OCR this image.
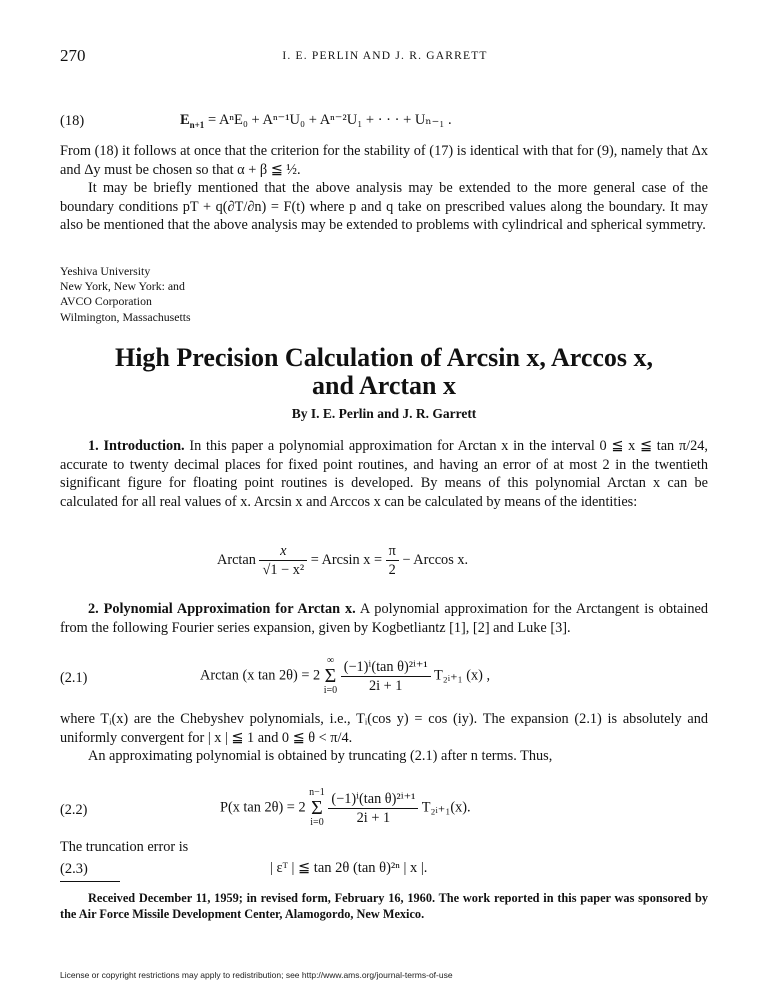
270	I. E. PERLIN AND J. R. GARRETT
(18)	$E_{n+1} = A^nE_0 + A^{n-1}U_0 + A^{n-2}U_1$ + · · · + Uₙ₋₁ .

From (18) it follows at once that the criterion for the stability of (17) is identical with that for (9), namely that Δx and Δy must be chosen so that α + β ≦ ½.

It may be briefly mentioned that the above analysis may be extended to the more general case of the boundary conditions pT + q(∂T/∂n) = F(t) where p and q take on prescribed values along the boundary. It may also be mentioned that the above analysis may be extended to problems with cylindrical and spherical symmetry.

Yeshiva University
New York, New York: and
AVCO Corporation
Wilmington, Massachusetts
High Precision Calculation of Arcsin x, Arccos x,
and Arctan x
By I. E. Perlin and J. R. Garrett

1. Introduction. In this paper a polynomial approximation for Arctan x in the interval 0 ≦ x ≦ tan π/24, accurate to twenty decimal places for fixed point routines, and having an error of at most 2 in the twentieth significant figure for floating point routines is developed. By means of this polynomial Arctan x can be calculated for all real values of x. Arcsin x and Arccos x can be calculated by means of the identities:

Arctan $\frac{x}{\text{√1 − x²}} = Arcsin$ $x = \frac{\pi}{2} - Arccos$ x.

2. Polynomial Approximation for Arctan x. A polynomial approximation for the Arctangent is obtained from the following Fourier series expansion, given by Kogbetliantz [1], [2] and Luke [3].

(2.1)	Arctan (x tan 2θ) = 2 ∞
Σ
$i=0 \frac{\text{(−1)ⁱ(tan θ)²ⁱ⁺¹}}{2i + 1}$ T₂ᵢ₊₁ (x) ,

where Tᵢ(x) are the Chebyshev polynomials, i.e., Tᵢ(cos y) = cos (iy). The expansion (2.1) is absolutely and uniformly convergent for | x | ≦ 1 and 0 ≦ θ < π/4.

An approximating polynomial is obtained by truncating (2.1) after n terms. Thus,

(2.2)	P(x tan 2θ) = 2 n−1
Σ
$i=0 \frac{\text{(−1)ⁱ(tan θ)²ⁱ⁺¹}}{2i + 1}$ T₂ᵢ₊₁(x).

The truncation error is

(2.3)	| εᵀ | ≦ tan 2θ (tan θ)²ⁿ | x |.

Received December 11, 1959; in revised form, February 16, 1960. The work reported in this paper was sponsored by the Air Force Missile Development Center, Alamogordo, New Mexico.

License or copyright restrictions may apply to redistribution; see http://www.ams.org/journal-terms-of-use
